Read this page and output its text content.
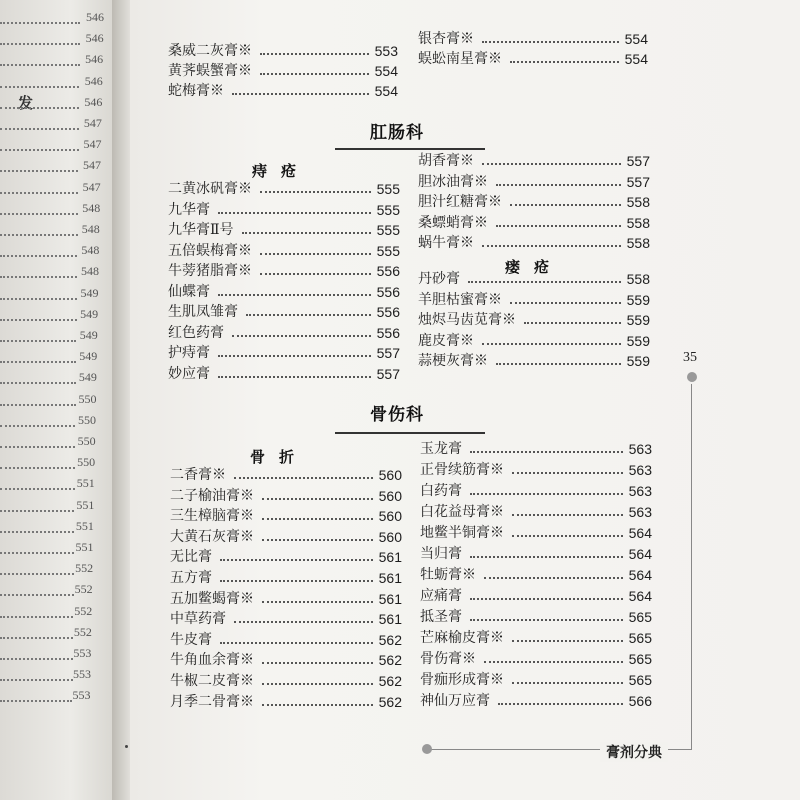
发
546
546
546
546
546
547
547
547
547
548
548
548
548
549
549
549
549
549
550
550
550
550
551
551
551
551
552
552
552
552
553
553
553
桑威二灰膏※	553
黄荠蜈蟹膏※	554
蛇梅膏※	554
银杏膏※	554
蜈蚣南星膏※	554
肛肠科
痔疮
二黄冰矾膏※	555
九华膏	555
九华膏Ⅱ号	555
五倍蜈梅膏※	555
牛蒡猪脂膏※	556
仙蝶膏	556
生肌凤雏膏	556
红色药膏	556
护痔膏	557
妙应膏	557
胡香膏※	557
胆冰油膏※	557
胆汁红糖膏※	558
桑螵蛸膏※	558
蜗牛膏※	558
瘘疮
丹砂膏	558
羊胆枯蜜膏※	559
烛烬马齿苋膏※	559
鹿皮膏※	559
蒜梗灰膏※	559
骨伤科
骨折
二香膏※	560
二子榆油膏※	560
三生樟脑膏※	560
大黄石灰膏※	560
无比膏	561
五方膏	561
五加鳖蝎膏※	561
中草药膏	561
牛皮膏	562
牛角血余膏※	562
牛椒二皮膏※	562
月季二骨膏※	562
玉龙膏	563
正骨续筋膏※	563
白药膏	563
白花益母膏※	563
地鳖半铜膏※	564
当归膏	564
牡蛎膏※	564
应痛膏	564
抵圣膏	565
芒麻榆皮膏※	565
骨伤膏※	565
骨痂形成膏※	565
神仙万应膏	566
35
膏剂分典
